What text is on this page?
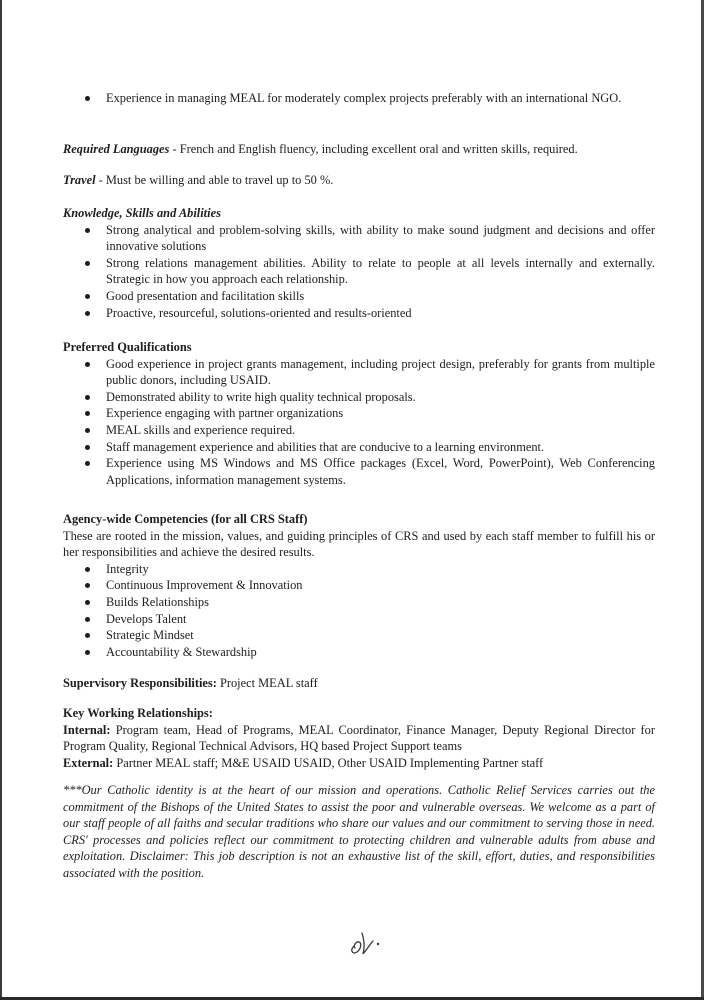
Experience in managing MEAL for moderately complex projects preferably with an international NGO.

Required Languages - French and English fluency, including excellent oral and written skills, required.

Travel - Must be willing and able to travel up to 50 %.

Knowledge, Skills and Abilities

Strong analytical and problem-solving skills, with ability to make sound judgment and decisions and offer innovative solutions
Strong relations management abilities. Ability to relate to people at all levels internally and externally. Strategic in how you approach each relationship.
Good presentation and facilitation skills
Proactive, resourceful, solutions-oriented and results-oriented

Preferred Qualifications

Good experience in project grants management, including project design, preferably for grants from multiple public donors, including USAID.
Demonstrated ability to write high quality technical proposals.
Experience engaging with partner organizations
MEAL skills and experience required.
Staff management experience and abilities that are conducive to a learning environment.
Experience using MS Windows and MS Office packages (Excel, Word, PowerPoint), Web Conferencing Applications, information management systems.

Agency-wide Competencies (for all CRS Staff)

These are rooted in the mission, values, and guiding principles of CRS and used by each staff member to fulfill his or her responsibilities and achieve the desired results.

Integrity
Continuous Improvement & Innovation
Builds Relationships
Develops Talent
Strategic Mindset
Accountability & Stewardship

Supervisory Responsibilities: Project MEAL staff

Key Working Relationships:

Internal: Program team, Head of Programs, MEAL Coordinator, Finance Manager, Deputy Regional Director for Program Quality, Regional Technical Advisors, HQ based Project Support teams

External: Partner MEAL staff; M&E USAID USAID, Other USAID Implementing Partner staff

***Our Catholic identity is at the heart of our mission and operations. Catholic Relief Services carries out the commitment of the Bishops of the United States to assist the poor and vulnerable overseas. We welcome as a part of our staff people of all faiths and secular traditions who share our values and our commitment to serving those in need. CRS' processes and policies reflect our commitment to protecting children and vulnerable adults from abuse and exploitation. Disclaimer: This job description is not an exhaustive list of the skill, effort, duties, and responsibilities associated with the position.
